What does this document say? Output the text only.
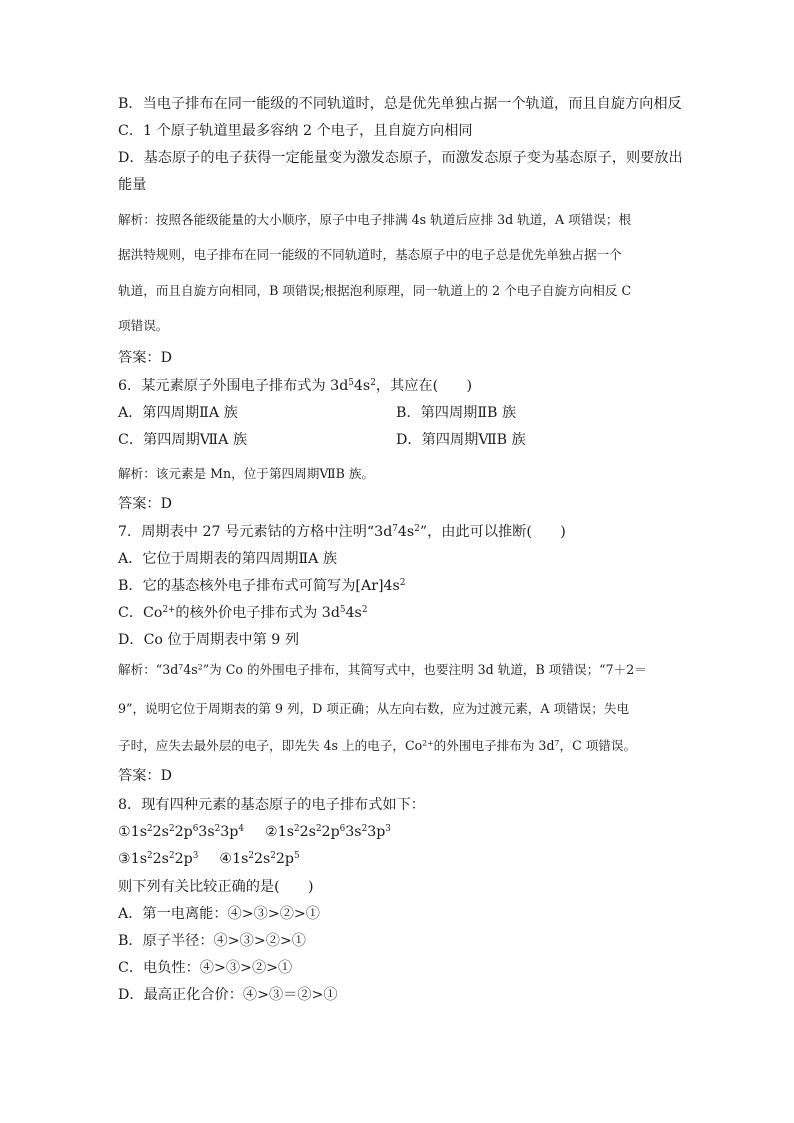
B．当电子排布在同一能级的不同轨道时，总是优先单独占据一个轨道，而且自旋方向相反
C．1 个原子轨道里最多容纳 2 个电子，且自旋方向相同
D．基态原子的电子获得一定能量变为激发态原子，而激发态原子变为基态原子，则要放出
能量
解析：按照各能级能量的大小顺序，原子中电子排满 4s 轨道后应排 3d 轨道，A 项错误；根
据洪特规则，电子排布在同一能级的不同轨道时，基态原子中的电子总是优先单独占据一个
轨道，而且自旋方向相同，B 项错误;根据泡利原理，同一轨道上的 2 个电子自旋方向相反 C
项错误。
答案：D
6．某元素原子外围电子排布式为 $3d^54s^2$，其应在(　　)
A．第四周期ⅡA 族	B．第四周期ⅡB 族
C．第四周期ⅦA 族	D．第四周期ⅦB 族
解析：该元素是 Mn，位于第四周期ⅦB 族。
答案：D
7．周期表中 27 号元素钴的方格中注明“$3d^74s^2$”，由此可以推断(　　)
A．它位于周期表的第四周期ⅡA 族
B．它的基态核外电子排布式可简写为$[Ar]4s^2$
C．$Co^{2+}$的核外价电子排布式为 $3d^54s^2$
D．Co 位于周期表中第 9 列
解析：“$3d^74s^2$”为 Co 的外围电子排布，其简写式中，也要注明 3d 轨道，B 项错误；“7＋2＝
9”，说明它位于周期表的第 9 列，D 项正确；从左向右数，应为过渡元素，A 项错误；失电
子时，应失去最外层的电子，即先失 4s 上的电子，$Co^{2+}$的外围电子排布为 $3d^7$，C 项错误。
答案：D
8．现有四种元素的基态原子的电子排布式如下：
$①1s^22s^22p^63s^23p^4$ $②1s^22s^22p^63s^23p^3$
$③1s^22s^22p^3$ $④1s^22s^22p^5$
则下列有关比较正确的是(　　)
A．第一电离能：④>③>②>①
B．原子半径：④>③>②>①
C．电负性：④>③>②>①
D．最高正化合价：④>③＝②>①
